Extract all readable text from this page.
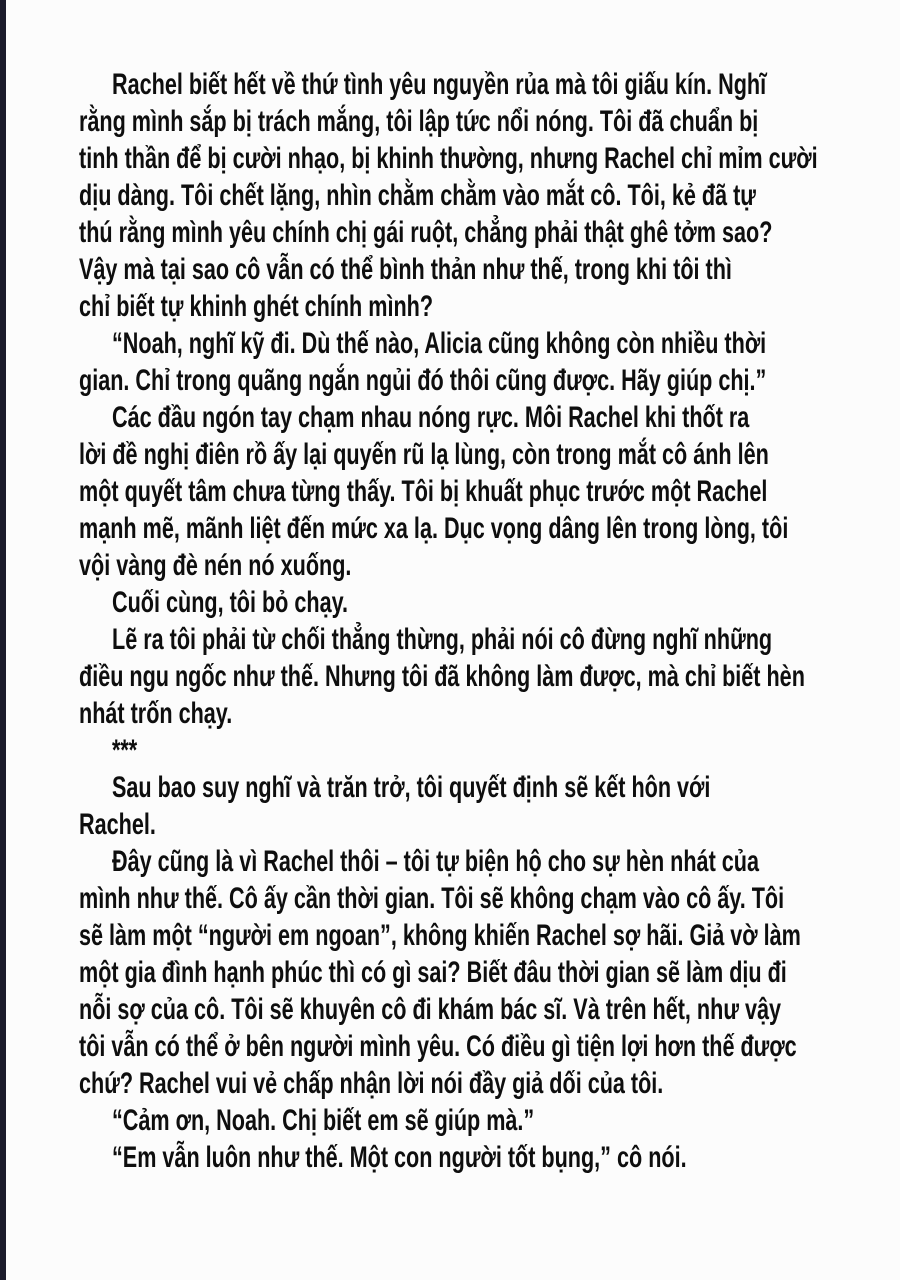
Rachel biết hết về thứ tình yêu nguyền rủa mà tôi giấu kín. Nghĩ
rằng mình sắp bị trách mắng, tôi lập tức nổi nóng. Tôi đã chuẩn bị
tinh thần để bị cười nhạo, bị khinh thường, nhưng Rachel chỉ mỉm cười
dịu dàng. Tôi chết lặng, nhìn chằm chằm vào mắt cô. Tôi, kẻ đã tự
thú rằng mình yêu chính chị gái ruột, chẳng phải thật ghê tởm sao?
Vậy mà tại sao cô vẫn có thể bình thản như thế, trong khi tôi thì
chỉ biết tự khinh ghét chính mình?
“Noah, nghĩ kỹ đi. Dù thế nào, Alicia cũng không còn nhiều thời
gian. Chỉ trong quãng ngắn ngủi đó thôi cũng được. Hãy giúp chị.”
Các đầu ngón tay chạm nhau nóng rực. Môi Rachel khi thốt ra
lời đề nghị điên rồ ấy lại quyến rũ lạ lùng, còn trong mắt cô ánh lên
một quyết tâm chưa từng thấy. Tôi bị khuất phục trước một Rachel
mạnh mẽ, mãnh liệt đến mức xa lạ. Dục vọng dâng lên trong lòng, tôi
vội vàng đè nén nó xuống.
Cuối cùng, tôi bỏ chạy.
Lẽ ra tôi phải từ chối thẳng thừng, phải nói cô đừng nghĩ những
điều ngu ngốc như thế. Nhưng tôi đã không làm được, mà chỉ biết hèn
nhát trốn chạy.
***
Sau bao suy nghĩ và trăn trở, tôi quyết định sẽ kết hôn với
Rachel.
Đây cũng là vì Rachel thôi – tôi tự biện hộ cho sự hèn nhát của
mình như thế. Cô ấy cần thời gian. Tôi sẽ không chạm vào cô ấy. Tôi
sẽ làm một “người em ngoan”, không khiến Rachel sợ hãi. Giả vờ làm
một gia đình hạnh phúc thì có gì sai? Biết đâu thời gian sẽ làm dịu đi
nỗi sợ của cô. Tôi sẽ khuyên cô đi khám bác sĩ. Và trên hết, như vậy
tôi vẫn có thể ở bên người mình yêu. Có điều gì tiện lợi hơn thế được
chứ? Rachel vui vẻ chấp nhận lời nói đầy giả dối của tôi.
“Cảm ơn, Noah. Chị biết em sẽ giúp mà.”
“Em vẫn luôn như thế. Một con người tốt bụng,” cô nói.
